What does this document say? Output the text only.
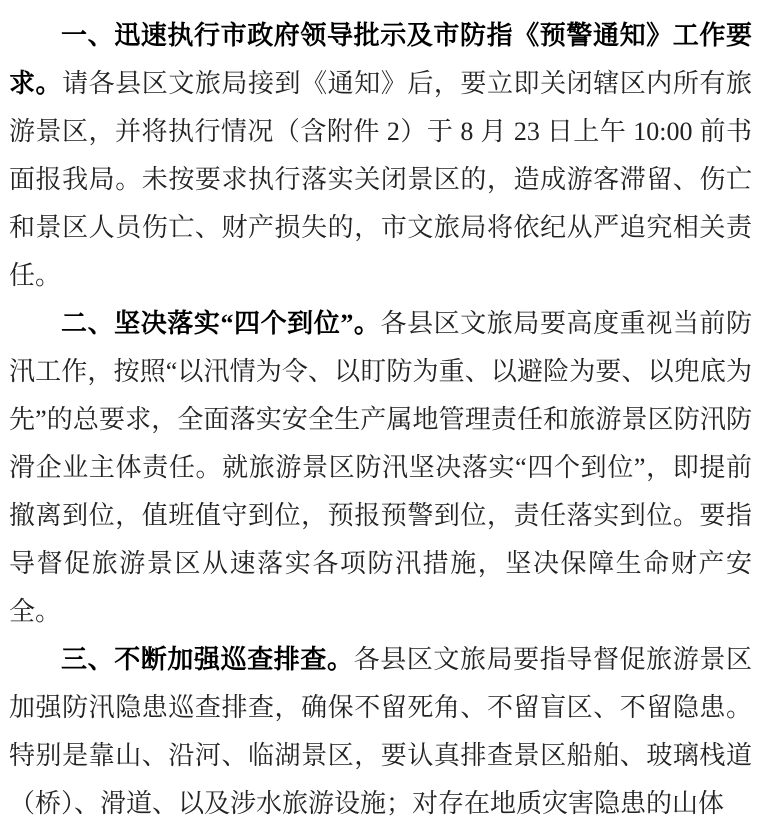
一、迅速执行市政府领导批示及市防指《预警通知》工作要求。请各县区文旅局接到《通知》后，要立即关闭辖区内所有旅游景区，并将执行情况（含附件 2）于 8 月 23 日上午 10:00 前书面报我局。未按要求执行落实关闭景区的，造成游客滞留、伤亡和景区人员伤亡、财产损失的，市文旅局将依纪从严追究相关责任。

二、坚决落实“四个到位”。各县区文旅局要高度重视当前防汛工作，按照“以汛情为令、以盯防为重、以避险为要、以兜底为先”的总要求，全面落实安全生产属地管理责任和旅游景区防汛防滑企业主体责任。就旅游景区防汛坚决落实“四个到位”，即提前撤离到位，值班值守到位，预报预警到位，责任落实到位。要指导督促旅游景区从速落实各项防汛措施，坚决保障生命财产安全。

三、不断加强巡查排查。各县区文旅局要指导督促旅游景区加强防汛隐患巡查排查，确保不留死角、不留盲区、不留隐患。特别是靠山、沿河、临湖景区，要认真排查景区船舶、玻璃栈道（桥）、滑道、以及涉水旅游设施；对存在地质灾害隐患的山体
